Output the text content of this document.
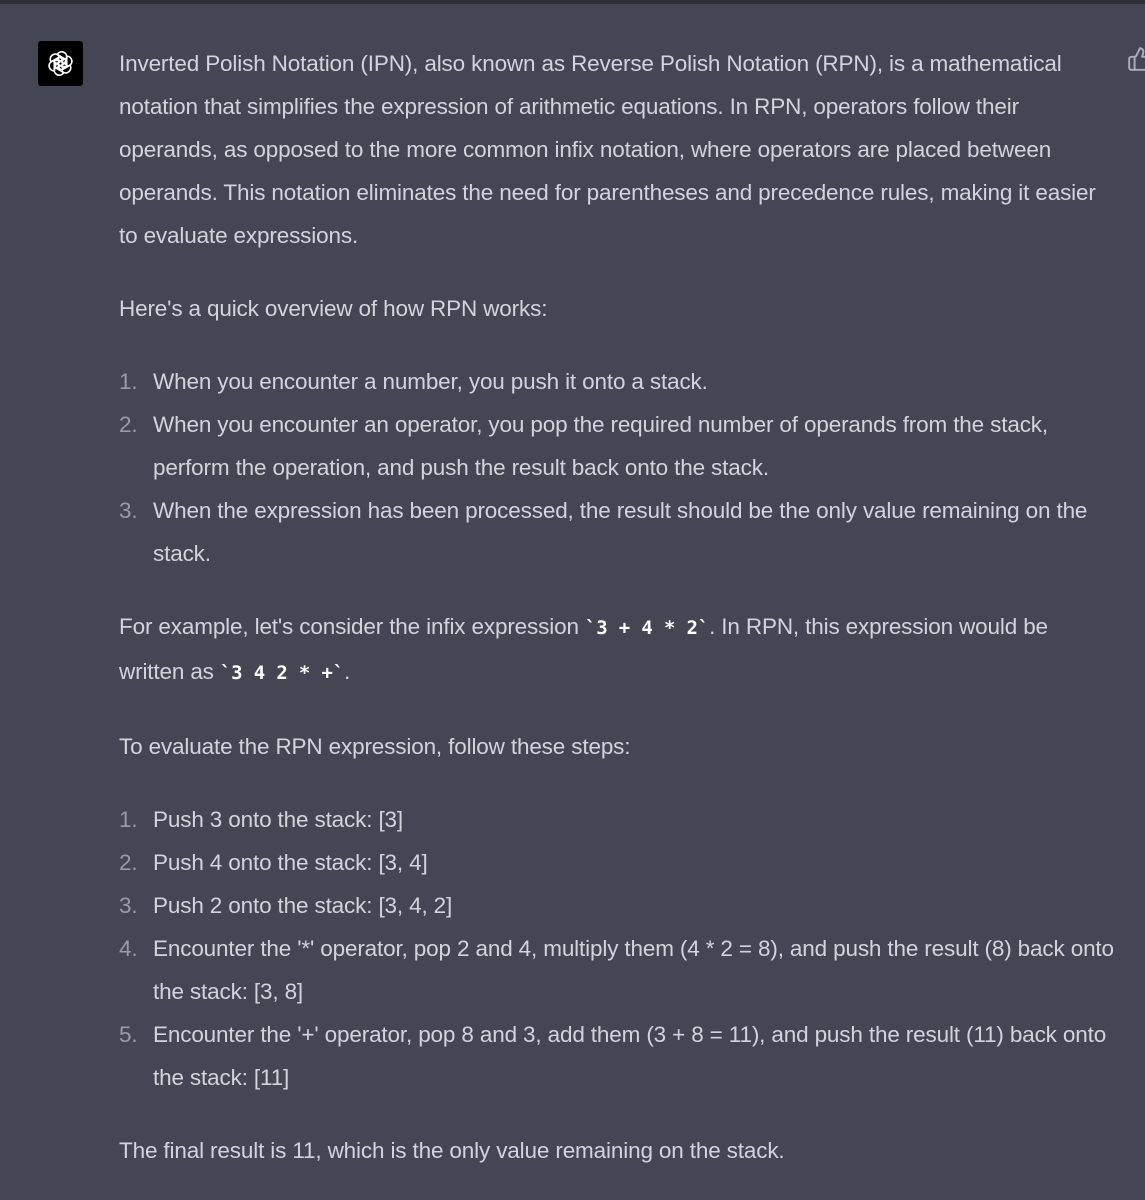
Inverted Polish Notation (IPN), also known as Reverse Polish Notation (RPN), is a mathematical notation that simplifies the expression of arithmetic equations. In RPN, operators follow their operands, as opposed to the more common infix notation, where operators are placed between operands. This notation eliminates the need for parentheses and precedence rules, making it easier to evaluate expressions.

Here's a quick overview of how RPN works:

1. When you encounter a number, you push it onto a stack.
2. When you encounter an operator, you pop the required number of operands from the stack, perform the operation, and push the result back onto the stack.
3. When the expression has been processed, the result should be the only value remaining on the stack.

For example, let's consider the infix expression `3 + 4 * 2`. In RPN, this expression would be written as `3 4 2 * +`.

To evaluate the RPN expression, follow these steps:

1. Push 3 onto the stack: [3]
2. Push 4 onto the stack: [3, 4]
3. Push 2 onto the stack: [3, 4, 2]
4. Encounter the '*' operator, pop 2 and 4, multiply them (4 * 2 = 8), and push the result (8) back onto the stack: [3, 8]
5. Encounter the '+' operator, pop 8 and 3, add them (3 + 8 = 11), and push the result (11) back onto the stack: [11]

The final result is 11, which is the only value remaining on the stack.
